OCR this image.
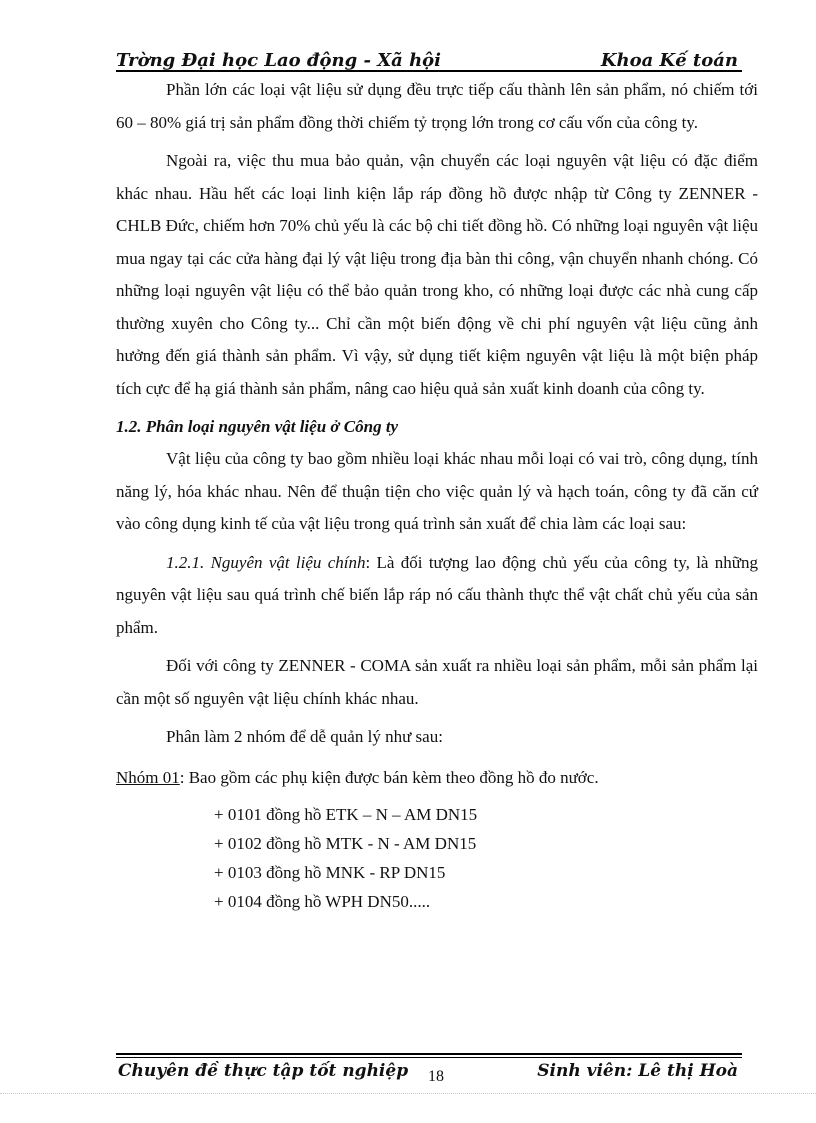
Trờng Đại học Lao động - Xã hội	Khoa Kế toán

Phần lớn các loại vật liệu sử dụng đều trực tiếp cấu thành lên sản phẩm, nó chiếm tới 60 – 80% giá trị sản phẩm đồng thời chiếm tỷ trọng lớn trong cơ cấu vốn của công ty.

Ngoài ra, việc thu mua bảo quản, vận chuyển các loại nguyên vật liệu có đặc điểm khác nhau. Hầu hết các loại linh kiện lắp ráp đồng hồ được nhập từ Công ty ZENNER - CHLB Đức, chiếm hơn 70% chủ yếu là các bộ chi tiết đồng hồ. Có những loại nguyên vật liệu mua ngay tại các cửa hàng đại lý vật liệu trong địa bàn thi công, vận chuyển nhanh chóng. Có những loại nguyên vật liệu có thể bảo quản trong kho, có những loại được các nhà cung cấp thường xuyên cho Công ty... Chỉ cần một biến động về chi phí nguyên vật liệu cũng ảnh hưởng đến giá thành sản phẩm. Vì vậy, sử dụng tiết kiệm nguyên vật liệu là một biện pháp tích cực để hạ giá thành sản phẩm, nâng cao hiệu quả sản xuất kinh doanh của công ty.

1.2. Phân loại nguyên vật liệu ở Công ty

Vật liệu của công ty bao gồm nhiều loại khác nhau mỗi loại có vai trò, công dụng, tính năng lý, hóa khác nhau. Nên để thuận tiện cho việc quản lý và hạch toán, công ty đã căn cứ vào công dụng kinh tế của vật liệu trong quá trình sản xuất để chia làm các loại sau:

1.2.1. Nguyên vật liệu chính: Là đối tượng lao động chủ yếu của công ty, là những nguyên vật liệu sau quá trình chế biến lắp ráp nó cấu thành thực thể vật chất chủ yếu của sản phẩm.

Đối với công ty ZENNER - COMA sản xuất ra nhiều loại sản phẩm, mỗi sản phẩm lại cần một số nguyên vật liệu chính khác nhau.

Phân làm 2 nhóm để dễ quản lý như sau:

Nhóm 01: Bao gồm các phụ kiện được bán kèm theo đồng hồ đo nước.

+ 0101 đồng hồ ETK – N – AM DN15
+ 0102 đồng hồ MTK - N - AM DN15
+ 0103 đồng hồ MNK - RP DN15
+ 0104 đồng hồ WPH DN50.....
Chuyên đề thực tập tốt nghiệp 18	Sinh viên: Lê thị Hoà
